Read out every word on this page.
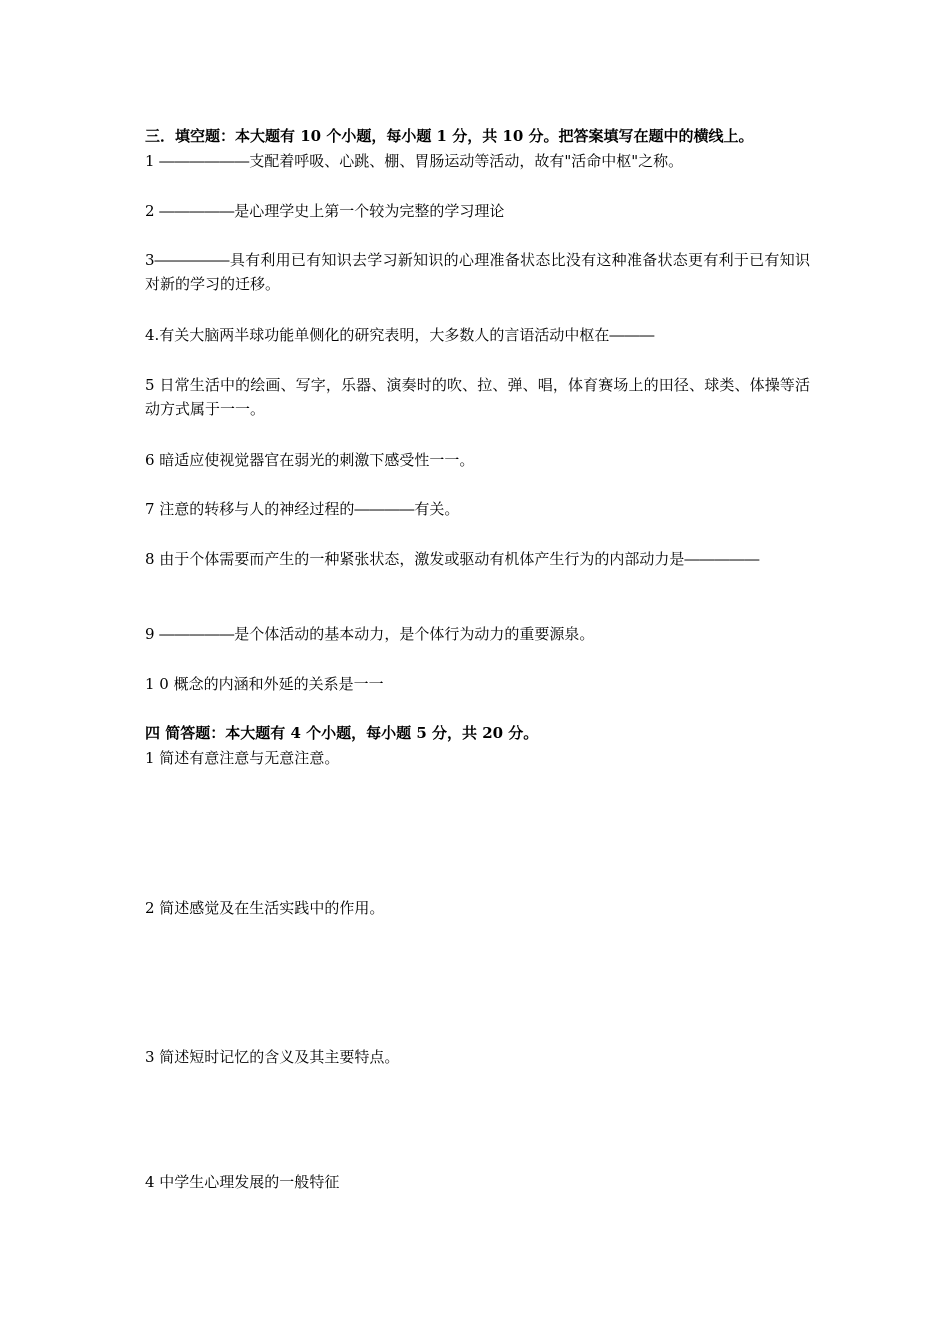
三．填空题：本大题有 10 个小题，每小题 1 分，共 10 分。把答案填写在题中的横线上。
1 ――――――支配着呼吸、心跳、棚、胃肠运动等活动，故有"活命中枢"之称。
2 ―――――是心理学史上第一个较为完整的学习理论
3―――――具有利用已有知识去学习新知识的心理准备状态比没有这种准备状态更有利于已有知识对新的学习的迁移。
4.有关大脑两半球功能单侧化的研究表明，大多数人的言语活动中枢在―――
5 日常生活中的绘画、写字，乐器、演奏时的吹、拉、弹、唱，体育赛场上的田径、球类、体操等活动方式属于一一。
6 暗适应使视觉器官在弱光的刺激下感受性一一。
7 注意的转移与人的神经过程的――――有关。
8 由于个体需要而产生的一种紧张状态，激发或驱动有机体产生行为的内部动力是―――――
9 ―――――是个体活动的基本动力，是个体行为动力的重要源泉。
1 0 概念的内涵和外延的关系是一一
四 简答题：本大题有 4 个小题，每小题 5 分，共 20 分。
1 简述有意注意与无意注意。
2 简述感觉及在生活实践中的作用。
3 简述短时记忆的含义及其主要特点。
4 中学生心理发展的一般特征
